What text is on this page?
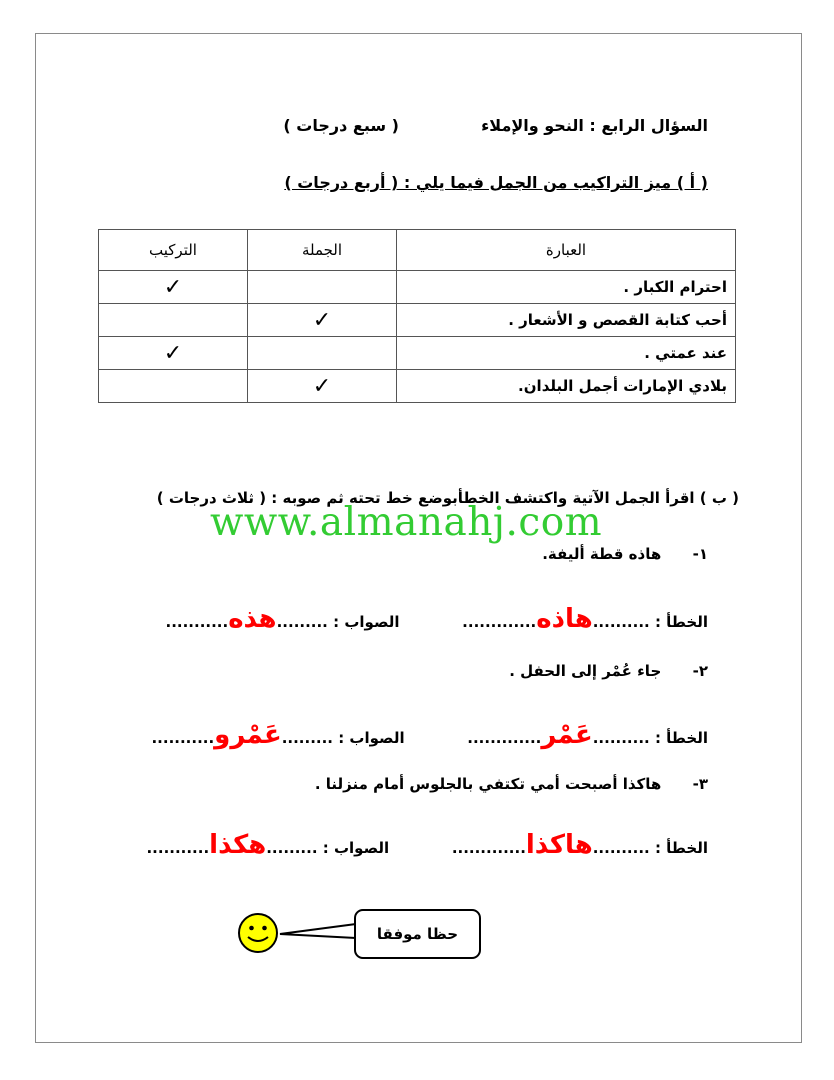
السؤال الرابع : النحو والإملاء
( سبع درجات )
( أ ) ميز التراكيب من الجمل فيما يلي : ( أربع درجات )
العبارة	الجملة	التركيب
احترام الكبار .		✓
أحب كتابة القصص و الأشعار .	✓	
عند عمتي .		✓
بلادي الإمارات أجمل البلدان.	✓	
( ب ) اقرأ الجمل الآتية واكتشف الخطأبوضع خط تحته ثم صوبه : ( ثلاث درجات )
www.almanahj.com
١-      هاذه قطة أليفة.
الخطأ : ..........هاذه.............            الصواب : .........هذه...........
٢-      جاء عُمْر إلى الحفل .
الخطأ : ..........عَمْر.............            الصواب : .........عَمْرو...........
٣-      هاكذا أصبحت أمي تكتفي بالجلوس أمام منزلنا .
الخطأ : ..........هاكذا.............            الصواب : .........هكذا...........
حظا موفقا
